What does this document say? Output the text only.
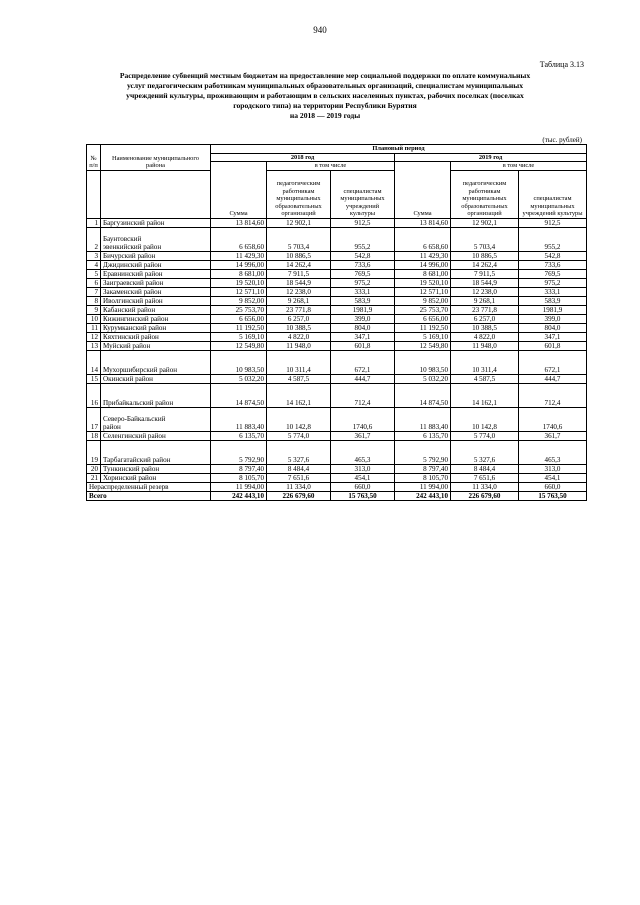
940
Таблица 3.13
Распределение субвенций местным бюджетам на предоставление мер социальной поддержки по оплате коммунальных
услуг педагогическим работникам муниципальных образовательных организаций, специалистам муниципальных
учреждений культуры, проживающим и работающим в сельских населенных пунктах, рабочих поселках (поселках
городского типа) на территории Республики Бурятия
на 2018 — 2019 годы
(тыс. рублей)
№ п/п	Наименование муниципального района	Плановый период					
		2018 год			2019 год		
		Сумма	в том числе		Сумма	в том числе	
			педагогическим работникам муниципальных образовательных организаций	специалистам муниципальных учреждений культуры		педагогическим работникам муниципальных образовательных организаций	специалистам муниципальных учреждений культуры
1	Баргузинский район	13 814,60	12 902,1	912,5	13 814,60	12 902,1	912,5
2	Баунтовский
эвенкийский район	6 658,60	5 703,4	955,2	6 658,60	5 703,4	955,2
3	Бичурский район	11 429,30	10 886,5	542,8	11 429,30	10 886,5	542,8
4	Джидинский район	14 996,00	14 262,4	733,6	14 996,00	14 262,4	733,6
5	Еравнинский район	8 681,00	7 911,5	769,5	8 681,00	7 911,5	769,5
6	Заиграевский район	19 520,10	18 544,9	975,2	19 520,10	18 544,9	975,2
7	Закаменский район	12 571,10	12 238,0	333,1	12 571,10	12 238,0	333,1
8	Иволгинский район	9 852,00	9 268,1	583,9	9 852,00	9 268,1	583,9
9	Кабанский район	25 753,70	23 771,8	1981,9	25 753,70	23 771,8	1981,9
10	Кижингинский район	6 656,00	6 257,0	399,0	6 656,00	6 257,0	399,0
11	Курумканский район	11 192,50	10 388,5	804,0	11 192,50	10 388,5	804,0
12	Кяхтинский район	5 169,10	4 822,0	347,1	5 169,10	4 822,0	347,1
13	Муйский район	12 549,80	11 948,0	601,8	12 549,80	11 948,0	601,8
14	Мухоршибирский район	10 983,50	10 311,4	672,1	10 983,50	10 311,4	672,1
15	Окинский район	5 032,20	4 587,5	444,7	5 032,20	4 587,5	444,7
16	Прибайкальский район	14 874,50	14 162,1	712,4	14 874,50	14 162,1	712,4
17	Северо-Байкальский
район	11 883,40	10 142,8	1740,6	11 883,40	10 142,8	1740,6
18	Селенгинский район	6 135,70	5 774,0	361,7	6 135,70	5 774,0	361,7
19	Тарбагатайский район	5 792,90	5 327,6	465,3	5 792,90	5 327,6	465,3
20	Тункинский район	8 797,40	8 484,4	313,0	8 797,40	8 484,4	313,0
21	Хоринский район	8 105,70	7 651,6	454,1	8 105,70	7 651,6	454,1
Нераспределенный резерв		11 994,00	11 334,0	660,0	11 994,00	11 334,0	660,0
Всего		242 443,10	226 679,60	15 763,50	242 443,10	226 679,60	15 763,50
